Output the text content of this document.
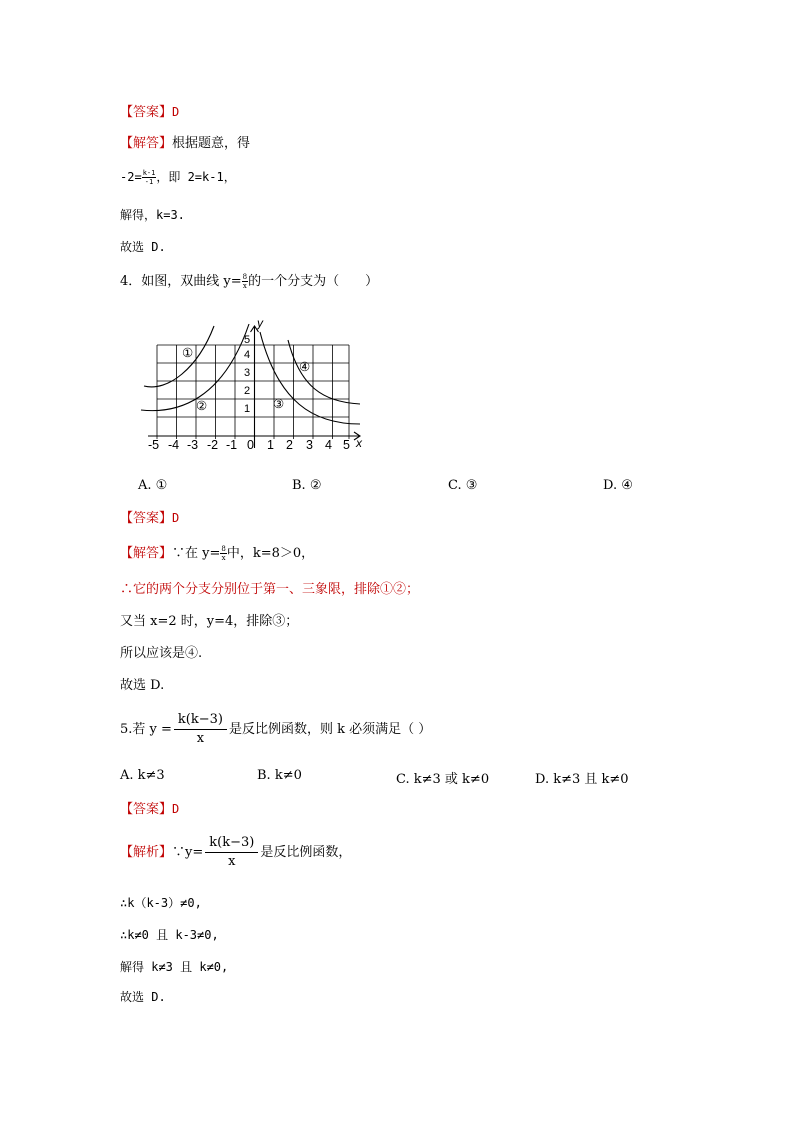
【答案】D
【解答】根据题意，得
$-2= \frac{k-1}{-1}$ ，即 2=k-1，
解得，k=3.
故选 D.
4．如图，双曲线 $y= \frac{8}{x}$ 的一个分支为（　　）
y
x
-5 -4 -3 -2 -1 0 1 2 3 4 5
1
2
3
4
5
①
②	③
④
A. ①	B. ②	C. ③	D. ④
【答案】D
【解答】∵在 $y= \frac{8}{x}$ 中，k=8＞0，
∴它的两个分支分别位于第一、三象限，排除①②；
又当 x=2 时，y=4，排除③；
所以应该是④.
故选 D.
5.若 $y = \frac{k(k-3)}{x}$ 是反比例函数，则 k 必须满足（ ）
A. k≠3	B. k≠0	C. k≠3 或 k≠0	D. k≠3 且 k≠0
【答案】D
【解析】∵y= $\frac{k(k-3)}{x}$ 是反比例函数，
∴k（k-3）≠0,
∴k≠0 且 k-3≠0,
解得 k≠3 且 k≠0,
故选 D.
